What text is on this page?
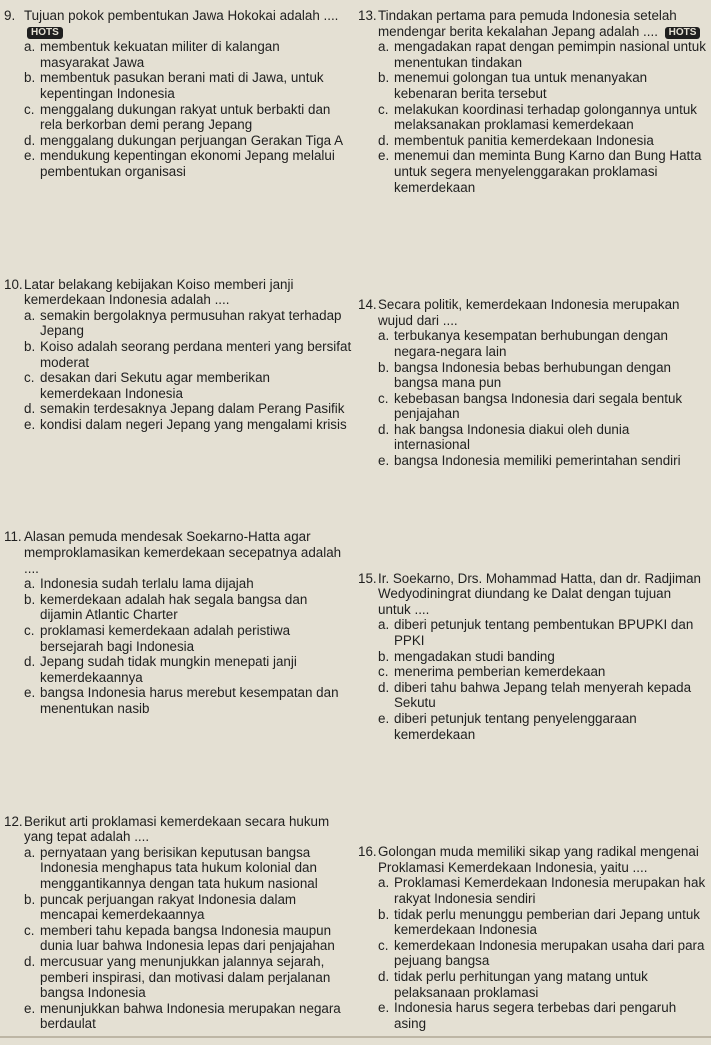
9. Tujuan pokok pembentukan Jawa Hokokai adalah .... HOTS
a. membentuk kekuatan militer di kalangan masyarakat Jawa
b. membentuk pasukan berani mati di Jawa, untuk kepentingan Indonesia
c. menggalang dukungan rakyat untuk berbakti dan rela berkorban demi perang Jepang
d. menggalang dukungan perjuangan Gerakan Tiga A
e. mendukung kepentingan ekonomi Jepang melalui pembentukan organisasi
10. Latar belakang kebijakan Koiso memberi janji kemerdekaan Indonesia adalah ....
a. semakin bergolaknya permusuhan rakyat terhadap Jepang
b. Koiso adalah seorang perdana menteri yang bersifat moderat
c. desakan dari Sekutu agar memberikan kemerdekaan Indonesia
d. semakin terdesaknya Jepang dalam Perang Pasifik
e. kondisi dalam negeri Jepang yang mengalami krisis
11. Alasan pemuda mendesak Soekarno-Hatta agar memproklamasikan kemerdekaan secepatnya adalah ....
a. Indonesia sudah terlalu lama dijajah
b. kemerdekaan adalah hak segala bangsa dan dijamin Atlantic Charter
c. proklamasi kemerdekaan adalah peristiwa bersejarah bagi Indonesia
d. Jepang sudah tidak mungkin menepati janji kemerdekaannya
e. bangsa Indonesia harus merebut kesempatan dan menentukan nasib
12. Berikut arti proklamasi kemerdekaan secara hukum yang tepat adalah ....
a. pernyataan yang berisikan keputusan bangsa Indonesia menghapus tata hukum kolonial dan menggantikannya dengan tata hukum nasional
b. puncak perjuangan rakyat Indonesia dalam mencapai kemerdekaannya
c. memberi tahu kepada bangsa Indonesia maupun dunia luar bahwa Indonesia lepas dari penjajahan
d. mercusuar yang menunjukkan jalannya sejarah, pemberi inspirasi, dan motivasi dalam perjalanan bangsa Indonesia
e. menunjukkan bahwa Indonesia merupakan negara berdaulat
13. Tindakan pertama para pemuda Indonesia setelah mendengar berita kekalahan Jepang adalah .... HOTS
a. mengadakan rapat dengan pemimpin nasional untuk menentukan tindakan
b. menemui golongan tua untuk menanyakan kebenaran berita tersebut
c. melakukan koordinasi terhadap golongannya untuk melaksanakan proklamasi kemerdekaan
d. membentuk panitia kemerdekaan Indonesia
e. menemui dan meminta Bung Karno dan Bung Hatta untuk segera menyelenggarakan proklamasi kemerdekaan
14. Secara politik, kemerdekaan Indonesia merupakan wujud dari ....
a. terbukanya kesempatan berhubungan dengan negara-negara lain
b. bangsa Indonesia bebas berhubungan dengan bangsa mana pun
c. kebebasan bangsa Indonesia dari segala bentuk penjajahan
d. hak bangsa Indonesia diakui oleh dunia internasional
e. bangsa Indonesia memiliki pemerintahan sendiri
15. Ir. Soekarno, Drs. Mohammad Hatta, dan dr. Radjiman Wedyodiningrat diundang ke Dalat dengan tujuan untuk ....
a. diberi petunjuk tentang pembentukan BPUPKI dan PPKI
b. mengadakan studi banding
c. menerima pemberian kemerdekaan
d. diberi tahu bahwa Jepang telah menyerah kepada Sekutu
e. diberi petunjuk tentang penyelenggaraan kemerdekaan
16. Golongan muda memiliki sikap yang radikal mengenai Proklamasi Kemerdekaan Indonesia, yaitu ....
a. Proklamasi Kemerdekaan Indonesia merupakan hak rakyat Indonesia sendiri
b. tidak perlu menunggu pemberian dari Jepang untuk kemerdekaan Indonesia
c. kemerdekaan Indonesia merupakan usaha dari para pejuang bangsa
d. tidak perlu perhitungan yang matang untuk pelaksanaan proklamasi
e. Indonesia harus segera terbebas dari pengaruh asing
